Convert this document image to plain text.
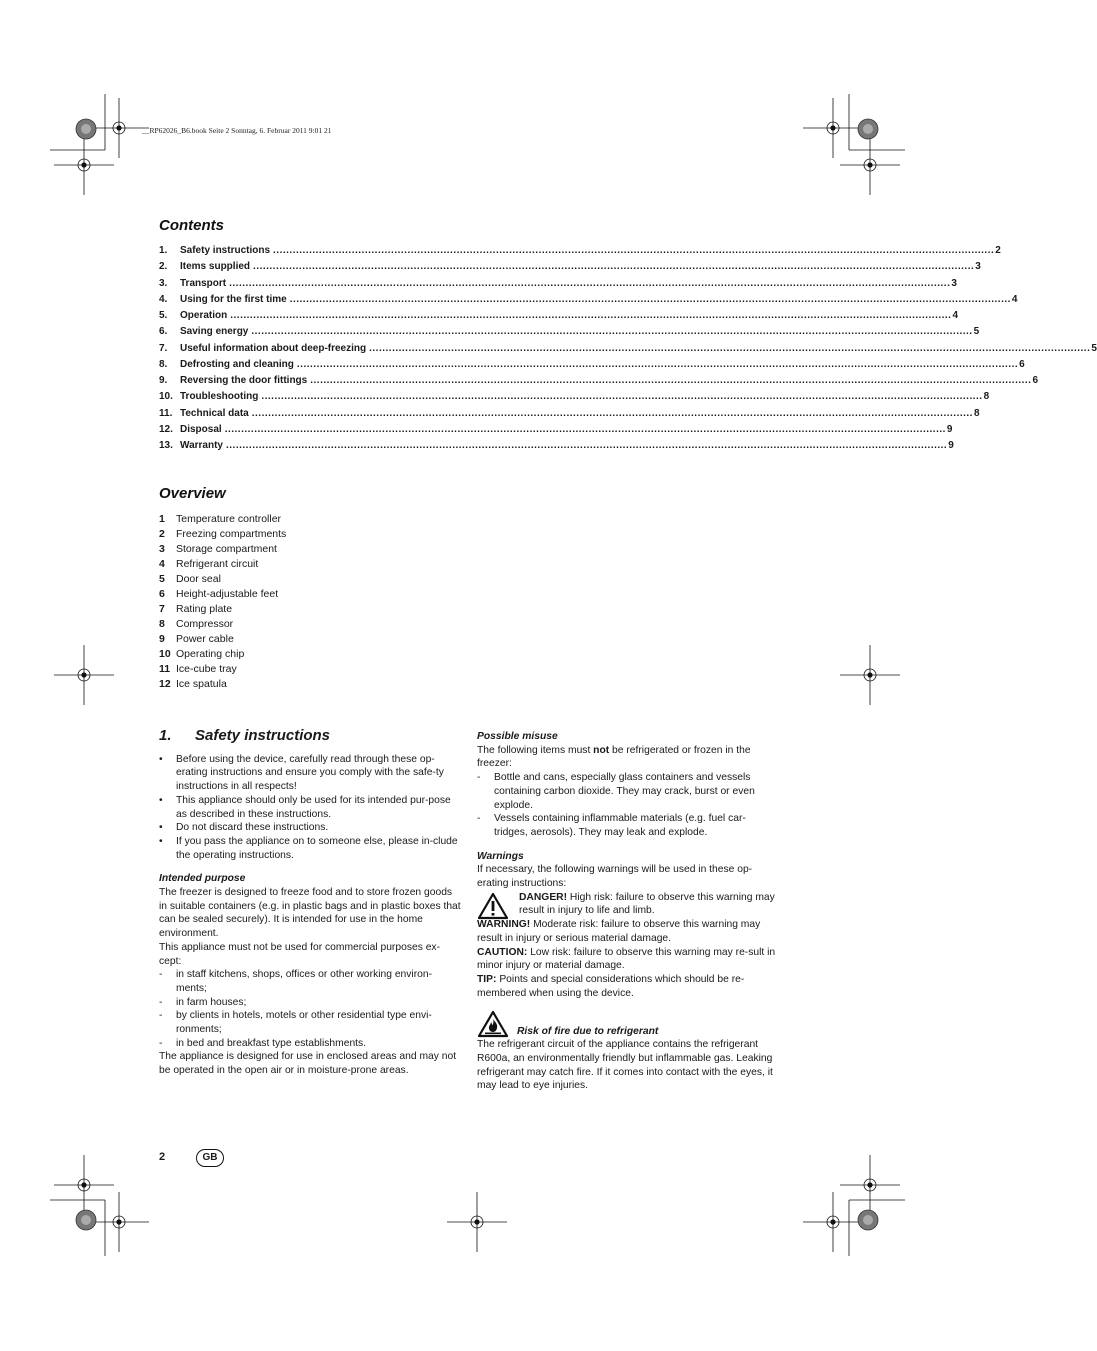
__RP62026_B6.book Seite 2 Sonntag, 6. Februar 2011 9:01 21
Contents
1.	Safety instructions ............................................................................................................................................................................................................................ 2
2.	Items supplied ............................................................................................................................................................................................................................ 3
3.	Transport ............................................................................................................................................................................................................................ 3
4.	Using for the first time ............................................................................................................................................................................................................................ 4
5.	Operation ............................................................................................................................................................................................................................ 4
6.	Saving energy ............................................................................................................................................................................................................................ 5
7.	Useful information about deep-freezing ............................................................................................................................................................................................................................ 5
8.	Defrosting and cleaning ............................................................................................................................................................................................................................ 6
9.	Reversing the door fittings ............................................................................................................................................................................................................................ 6
10. Troubleshooting ............................................................................................................................................................................................................................ 8
11. Technical data ............................................................................................................................................................................................................................ 8
12. Disposal ............................................................................................................................................................................................................................ 9
13. Warranty ............................................................................................................................................................................................................................ 9
Overview
1 Temperature controller
2 Freezing compartments
3 Storage compartment
4 Refrigerant circuit
5 Door seal
6 Height-adjustable feet
7 Rating plate
8 Compressor
9 Power cable
10 Operating chip
11 Ice-cube tray
12 Ice spatula
1. Safety instructions
• Before using the device, carefully read through these op-erating instructions and ensure you comply with the safe-ty instructions in all respects!
• This appliance should only be used for its intended pur-pose as described in these instructions.
• Do not discard these instructions.
• If you pass the appliance on to someone else, please in-clude the operating instructions.

Intended purpose

The freezer is designed to freeze food and to store frozen goods in suitable containers (e.g. in plastic bags and in plastic boxes that can be sealed securely). It is intended for use in the home environment.

This appliance must not be used for commercial purposes ex-cept:

- in staff kitchens, shops, offices or other working environ-ments;
- in farm houses;
- by clients in hotels, motels or other residential type envi-ronments;
- in bed and breakfast type establishments.

The appliance is designed for use in enclosed areas and may not be operated in the open air or in moisture-prone areas.

Possible misuse

The following items must not be refrigerated or frozen in the freezer:

- Bottle and cans, especially glass containers and vessels containing carbon dioxide. They may crack, burst or even explode.
- Vessels containing inflammable materials (e.g. fuel car-tridges, aerosols). They may leak and explode.

Warnings

If necessary, the following warnings will be used in these op-erating instructions:

DANGER! High risk: failure to observe this warning may result in injury to life and limb.

WARNING! Moderate risk: failure to observe this warning may result in injury or serious material damage.

CAUTION: Low risk: failure to observe this warning may re-sult in minor injury or material damage.

TIP: Points and special considerations which should be re-membered when using the device.

Risk of fire due to refrigerant

The refrigerant circuit of the appliance contains the refrigerant R600a, an environmentally friendly but inflammable gas. Leaking refrigerant may catch fire. If it comes into contact with the eyes, it may lead to eye injuries.

2	GB
